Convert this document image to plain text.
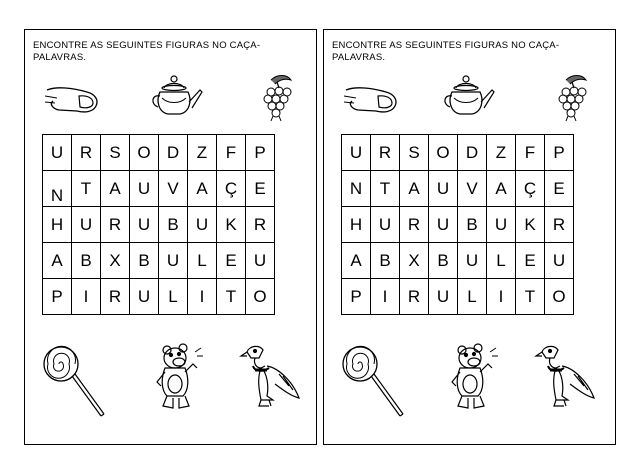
ENCONTRE AS SEGUINTES FIGURAS NO CAÇA-
PALAVRAS.
U	R	S	O	D	Z	F	P
N	T	A	U	V	A	Ç	E
H	U	R	U	B	U	K	R
A	B	X	B	U	L	E	U
P	I	R	U	L	I	T	O
ENCONTRE AS SEGUINTES FIGURAS NO CAÇA-
PALAVRAS.
U	R	S	O	D	Z	F	P
N	T	A	U	V	A	Ç	E
H	U	R	U	B	U	K	R
A	B	X	B	U	L	E	U
P	I	R	U	L	I	T	O
